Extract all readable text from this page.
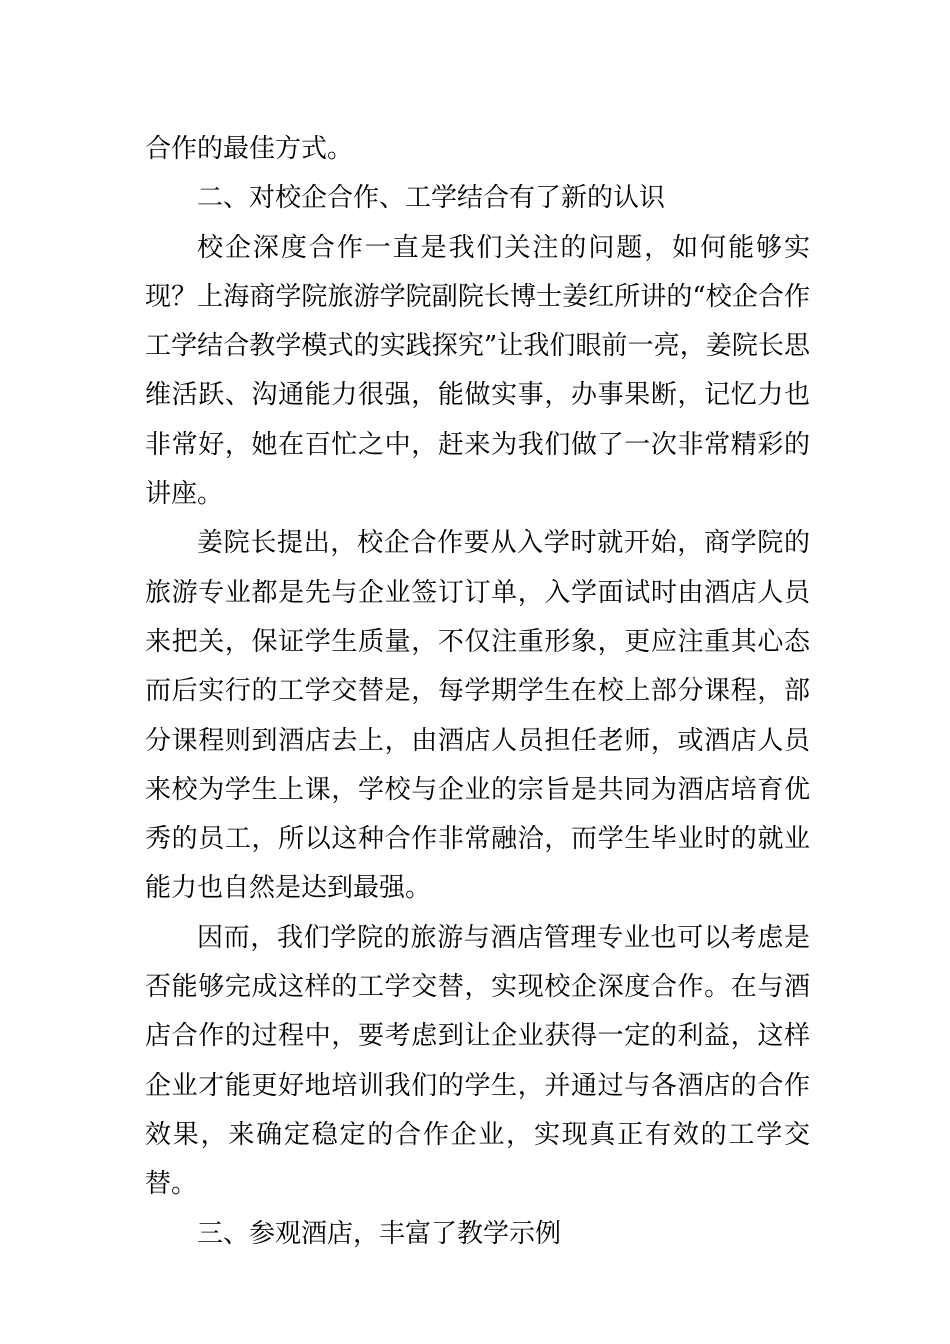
合作的最佳方式。

二、对校企合作、工学结合有了新的认识

校企深度合作一直是我们关注的问题，如何能够实现？上海商学院旅游学院副院长博士姜红所讲的“校企合作工学结合教学模式的实践探究”让我们眼前一亮，姜院长思维活跃、沟通能力很强，能做实事，办事果断，记忆力也非常好，她在百忙之中，赶来为我们做了一次非常精彩的讲座。

姜院长提出，校企合作要从入学时就开始，商学院的旅游专业都是先与企业签订订单，入学面试时由酒店人员来把关，保证学生质量，不仅注重形象，更应注重其心态而后实行的工学交替是，每学期学生在校上部分课程，部分课程则到酒店去上，由酒店人员担任老师，或酒店人员来校为学生上课，学校与企业的宗旨是共同为酒店培育优秀的员工，所以这种合作非常融洽，而学生毕业时的就业能力也自然是达到最强。

因而，我们学院的旅游与酒店管理专业也可以考虑是否能够完成这样的工学交替，实现校企深度合作。在与酒店合作的过程中，要考虑到让企业获得一定的利益，这样企业才能更好地培训我们的学生，并通过与各酒店的合作效果，来确定稳定的合作企业，实现真正有效的工学交替。

三、参观酒店，丰富了教学示例
